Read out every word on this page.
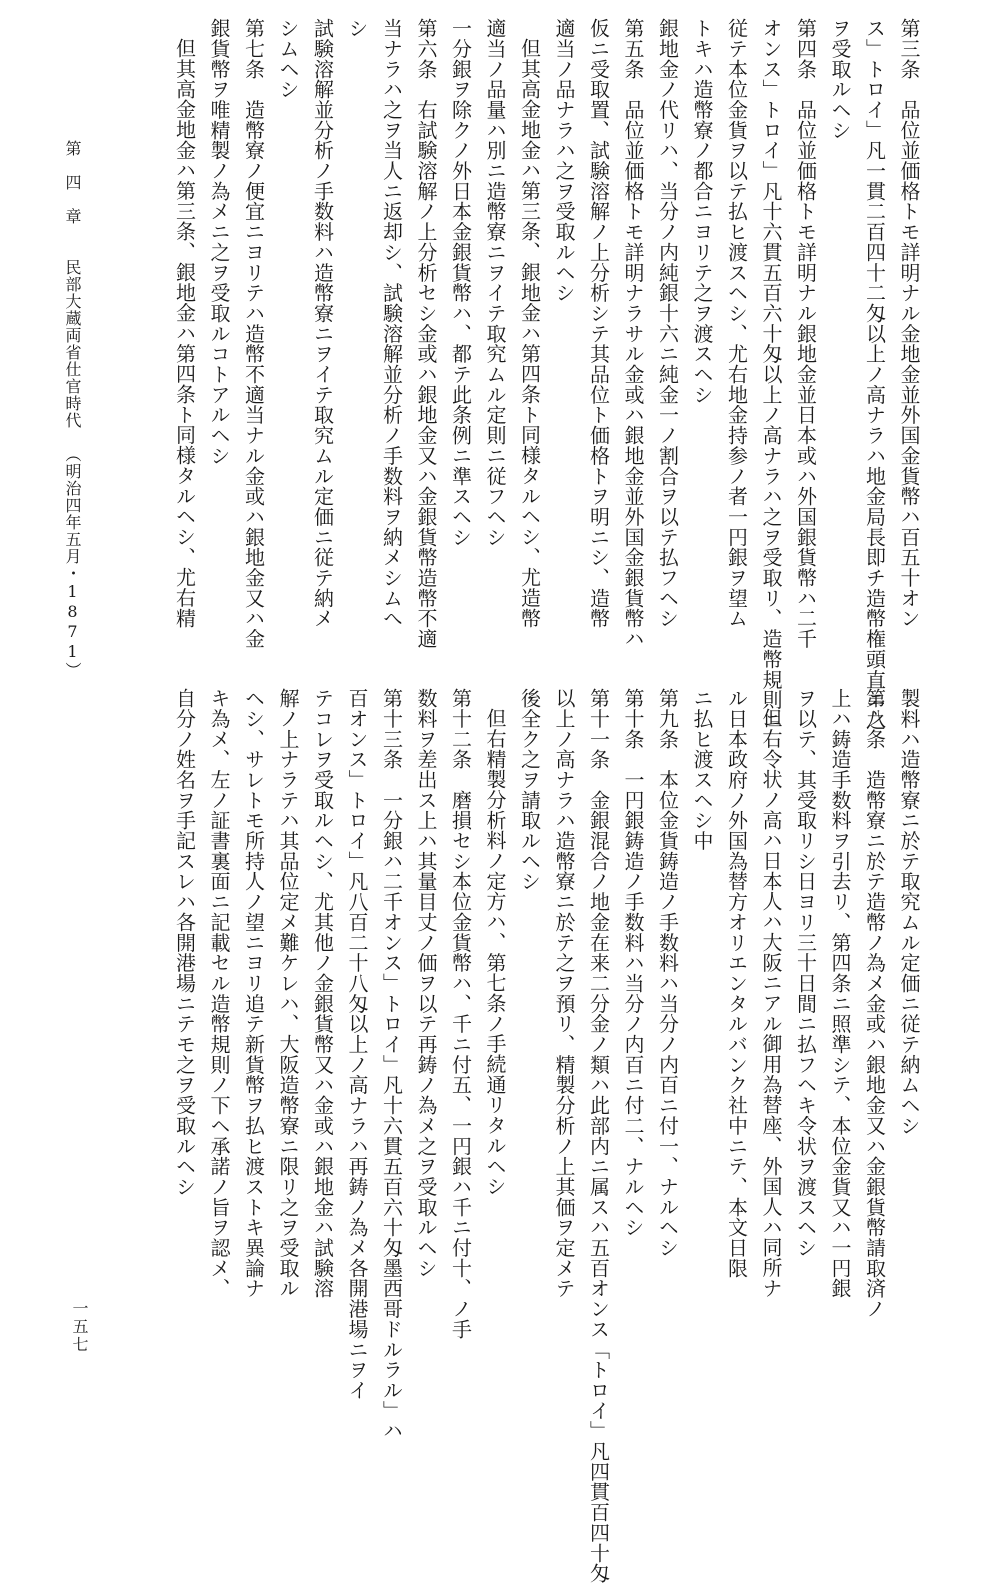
第三条　品位並価格トモ詳明ナル金地金並外国金貨幣ハ百五十オン
ス」トロイ」凡一貫二百四十二匁以上ノ高ナラハ地金局長即チ造幣権頭直ニ之
ヲ受取ルヘシ
第四条　品位並価格トモ詳明ナル銀地金並日本或ハ外国銀貨幣ハ二千
オンス」トロイ」凡十六貫五百六十匁以上ノ高ナラハ之ヲ受取リ、造幣規則ニ
従テ本位金貨ヲ以テ払ヒ渡スヘシ、尤右地金持参ノ者一円銀ヲ望ム
トキハ造幣寮ノ都合ニヨリテ之ヲ渡スヘシ
銀地金ノ代リハ、当分ノ内純銀十六ニ純金一ノ割合ヲ以テ払フヘシ
第五条　品位並価格トモ詳明ナラサル金或ハ銀地金並外国金銀貨幣ハ
仮ニ受取置、試験溶解ノ上分析シテ其品位ト価格トヲ明ニシ、造幣
適当ノ品ナラハ之ヲ受取ルヘシ
但其高金地金ハ第三条、銀地金ハ第四条ト同様タルヘシ、尤造幣
適当ノ品量ハ別ニ造幣寮ニヲイテ取究ムル定則ニ従フヘシ
一分銀ヲ除クノ外日本金銀貨幣ハ、都テ此条例ニ準スヘシ
第六条　右試験溶解ノ上分析セシ金或ハ銀地金又ハ金銀貨幣造幣不適
当ナラハ之ヲ当人ニ返却シ、試験溶解並分析ノ手数料ヲ納メシムへ
シ
試験溶解並分析ノ手数料ハ造幣寮ニヲイテ取究ムル定価ニ従テ納メ
シムヘシ
第七条　造幣寮ノ便宜ニヨリテハ造幣不適当ナル金或ハ銀地金又ハ金
銀貨幣ヲ唯精製ノ為メニ之ヲ受取ルコトアルヘシ
但其高金地金ハ第三条、銀地金ハ第四条ト同様タルヘシ、尤右精
製料ハ造幣寮ニ於テ取究ムル定価ニ従テ納ムヘシ
第八条　造幣寮ニ於テ造幣ノ為メ金或ハ銀地金又ハ金銀貨幣請取済ノ
上ハ鋳造手数料ヲ引去リ、第四条ニ照準シテ、本位金貨又ハ一円銀
ヲ以テ、其受取リシ日ヨリ三十日間ニ払フヘキ令状ヲ渡スヘシ
但右令状ノ高ハ日本人ハ大阪ニアル御用為替座、外国人ハ同所ナ
ル日本政府ノ外国為替方オリエンタルバンク社中ニテ、本文日限
ニ払ヒ渡スヘシ中
第九条　本位金貨鋳造ノ手数料ハ当分ノ内百ニ付一、ナルヘシ
第十条　一円銀鋳造ノ手数料ハ当分ノ内百ニ付二、ナルヘシ
第十一条　金銀混合ノ地金在来二分金ノ類ハ此部内ニ属スハ五百オンス「トロイ」凡四貫百四十匁
以上ノ高ナラハ造幣寮ニ於テ之ヲ預リ、精製分析ノ上其価ヲ定メテ
後全ク之ヲ請取ルヘシ
但右精製分析料ノ定方ハ、第七条ノ手続通リタルヘシ
第十二条　磨損セシ本位金貨幣ハ、千ニ付五、一円銀ハ千ニ付十、ノ手
数料ヲ差出ス上ハ其量目丈ノ価ヲ以テ再鋳ノ為メ之ヲ受取ルヘシ
第十三条　一分銀ハ二千オンス」トロイ」凡十六貫五百六十匁墨西哥ドルラル」ハ
百オンス」トロイ」凡八百二十八匁以上ノ高ナラハ再鋳ノ為メ各開港場ニヲイ
テコレヲ受取ルヘシ、尤其他ノ金銀貨幣又ハ金或ハ銀地金ハ試験溶
解ノ上ナラテハ其品位定メ難ケレハ、大阪造幣寮ニ限リ之ヲ受取ル
ヘシ、サレトモ所持人ノ望ニヨリ追テ新貨幣ヲ払ヒ渡ストキ異論ナ
キ為メ、左ノ証書裏面ニ記載セル造幣規則ノ下ヘ承諾ノ旨ヲ認メ、
自分ノ姓名ヲ手記スレハ各開港場ニテモ之ヲ受取ルヘシ
第　四　章　　民部大蔵両省仕官時代　（明治四年五月・1871）
一五七
